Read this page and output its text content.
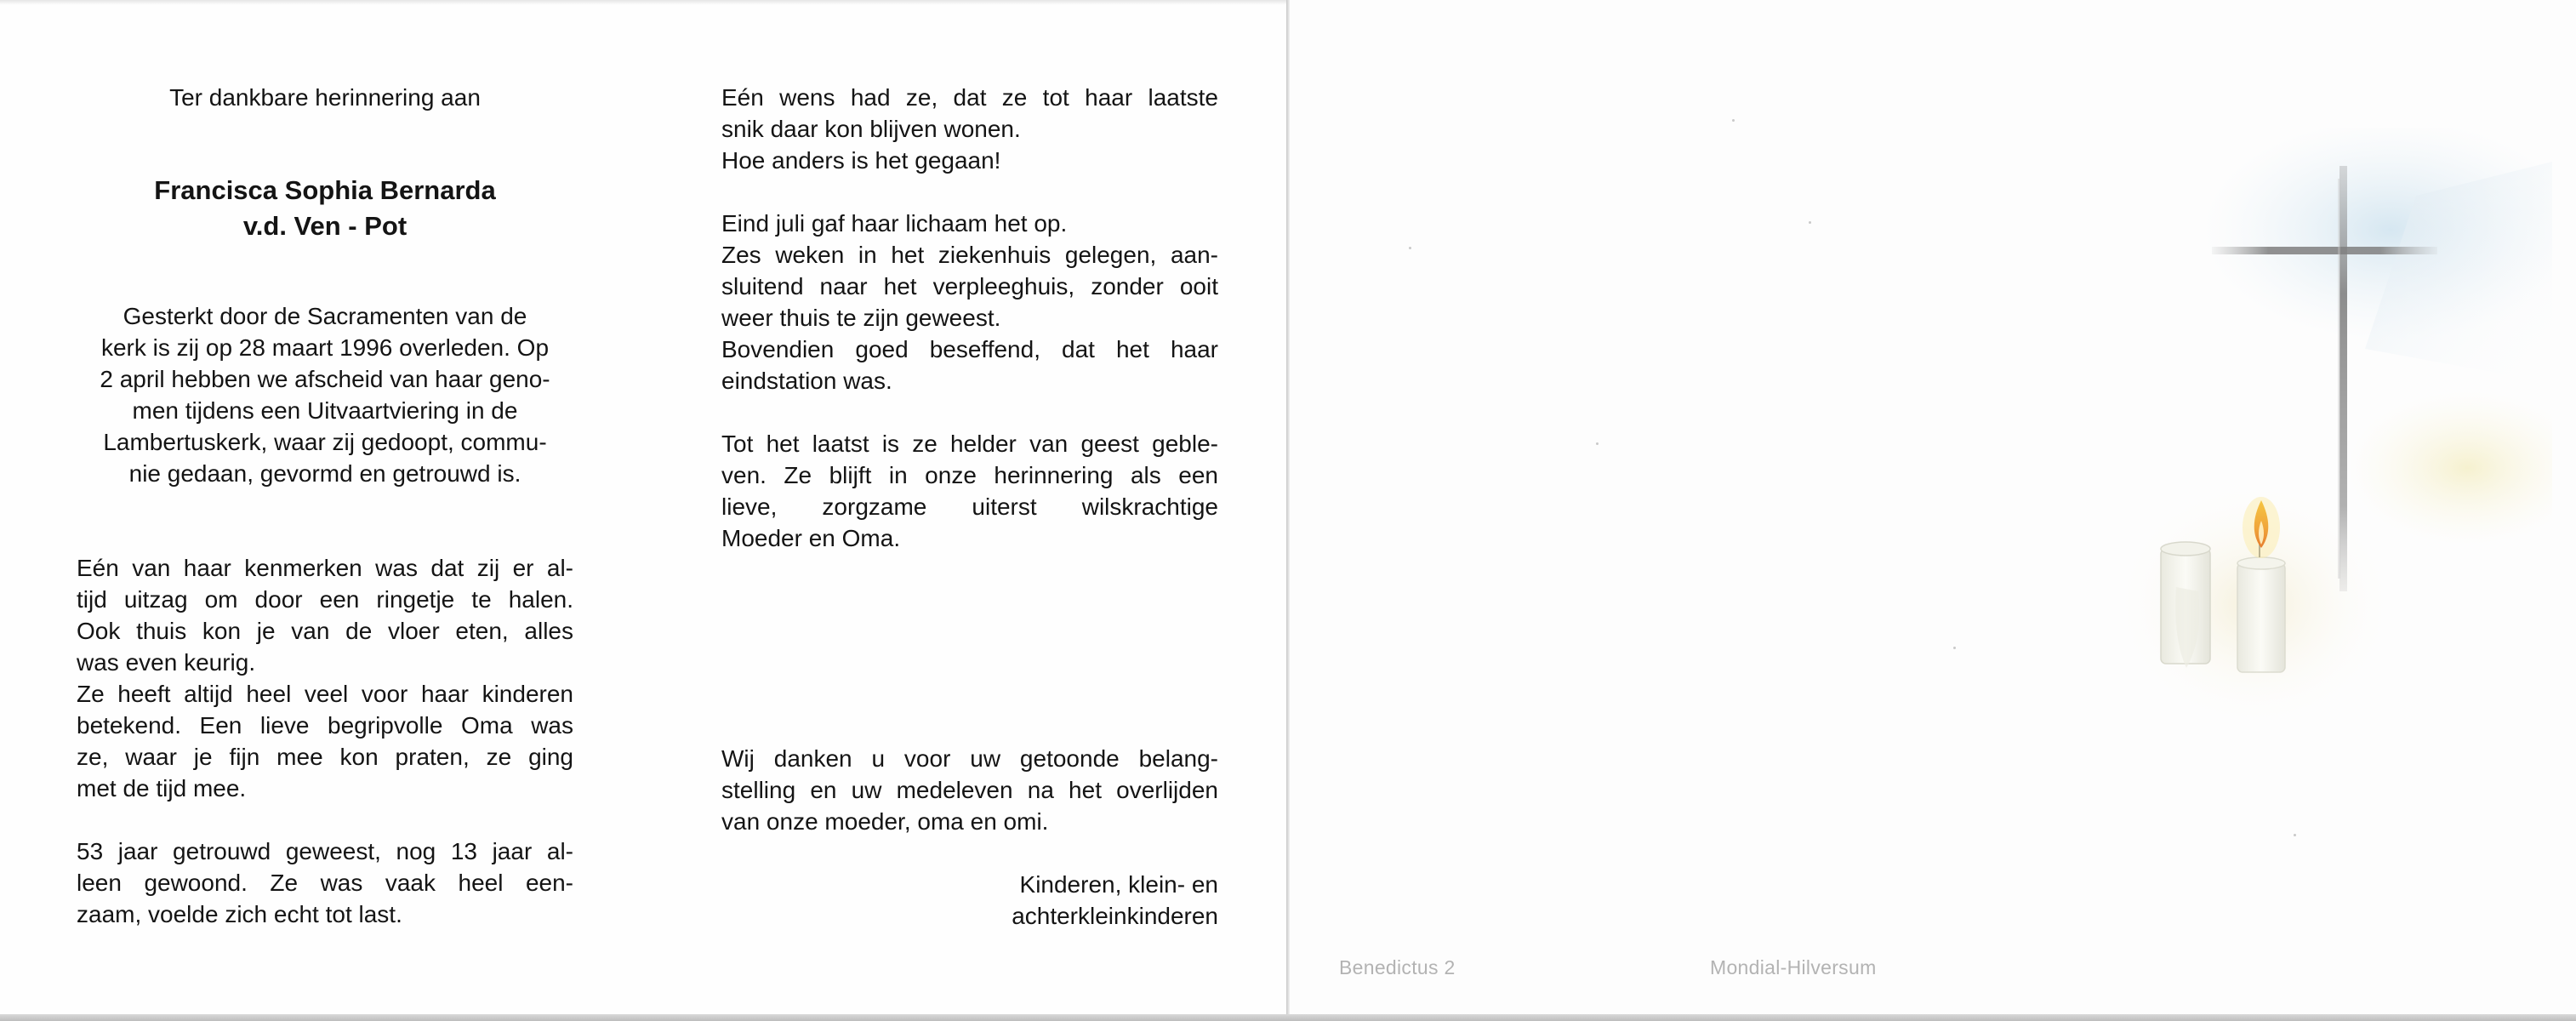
Ter dankbare herinnering aan

Francisca Sophia Bernarda
v.d. Ven - Pot

Gesterkt door de Sacramenten van de
kerk is zij op 28 maart 1996 overleden. Op
2 april hebben we afscheid van haar geno-
men tijdens een Uitvaartviering in de
Lambertuskerk, waar zij gedoopt, commu-
nie gedaan, gevormd en getrouwd is.

Eén van haar kenmerken was dat zij er al-
tijd uitzag om door een ringetje te halen.
Ook thuis kon je van de vloer eten, alles
was even keurig.
Ze heeft altijd heel veel voor haar kinderen
betekend. Een lieve begripvolle Oma was
ze, waar je fijn mee kon praten, ze ging
met de tijd mee.

53 jaar getrouwd geweest, nog 13 jaar al-
leen gewoond. Ze was vaak heel een-
zaam, voelde zich echt tot last.

Eén wens had ze, dat ze tot haar laatste
snik daar kon blijven wonen.
Hoe anders is het gegaan!

Eind juli gaf haar lichaam het op.
Zes weken in het ziekenhuis gelegen, aan-
sluitend naar het verpleeghuis, zonder ooit
weer thuis te zijn geweest.
Bovendien goed beseffend, dat het haar
eindstation was.

Tot het laatst is ze helder van geest geble-
ven. Ze blijft in onze herinnering als een
lieve, zorgzame uiterst wilskrachtige
Moeder en Oma.

Wij danken u voor uw getoonde belang-
stelling en uw medeleven na het overlijden
van onze moeder, oma en omi.

Kinderen, klein- en
achterkleinkinderen

Benedictus 2	Mondial-Hilversum
